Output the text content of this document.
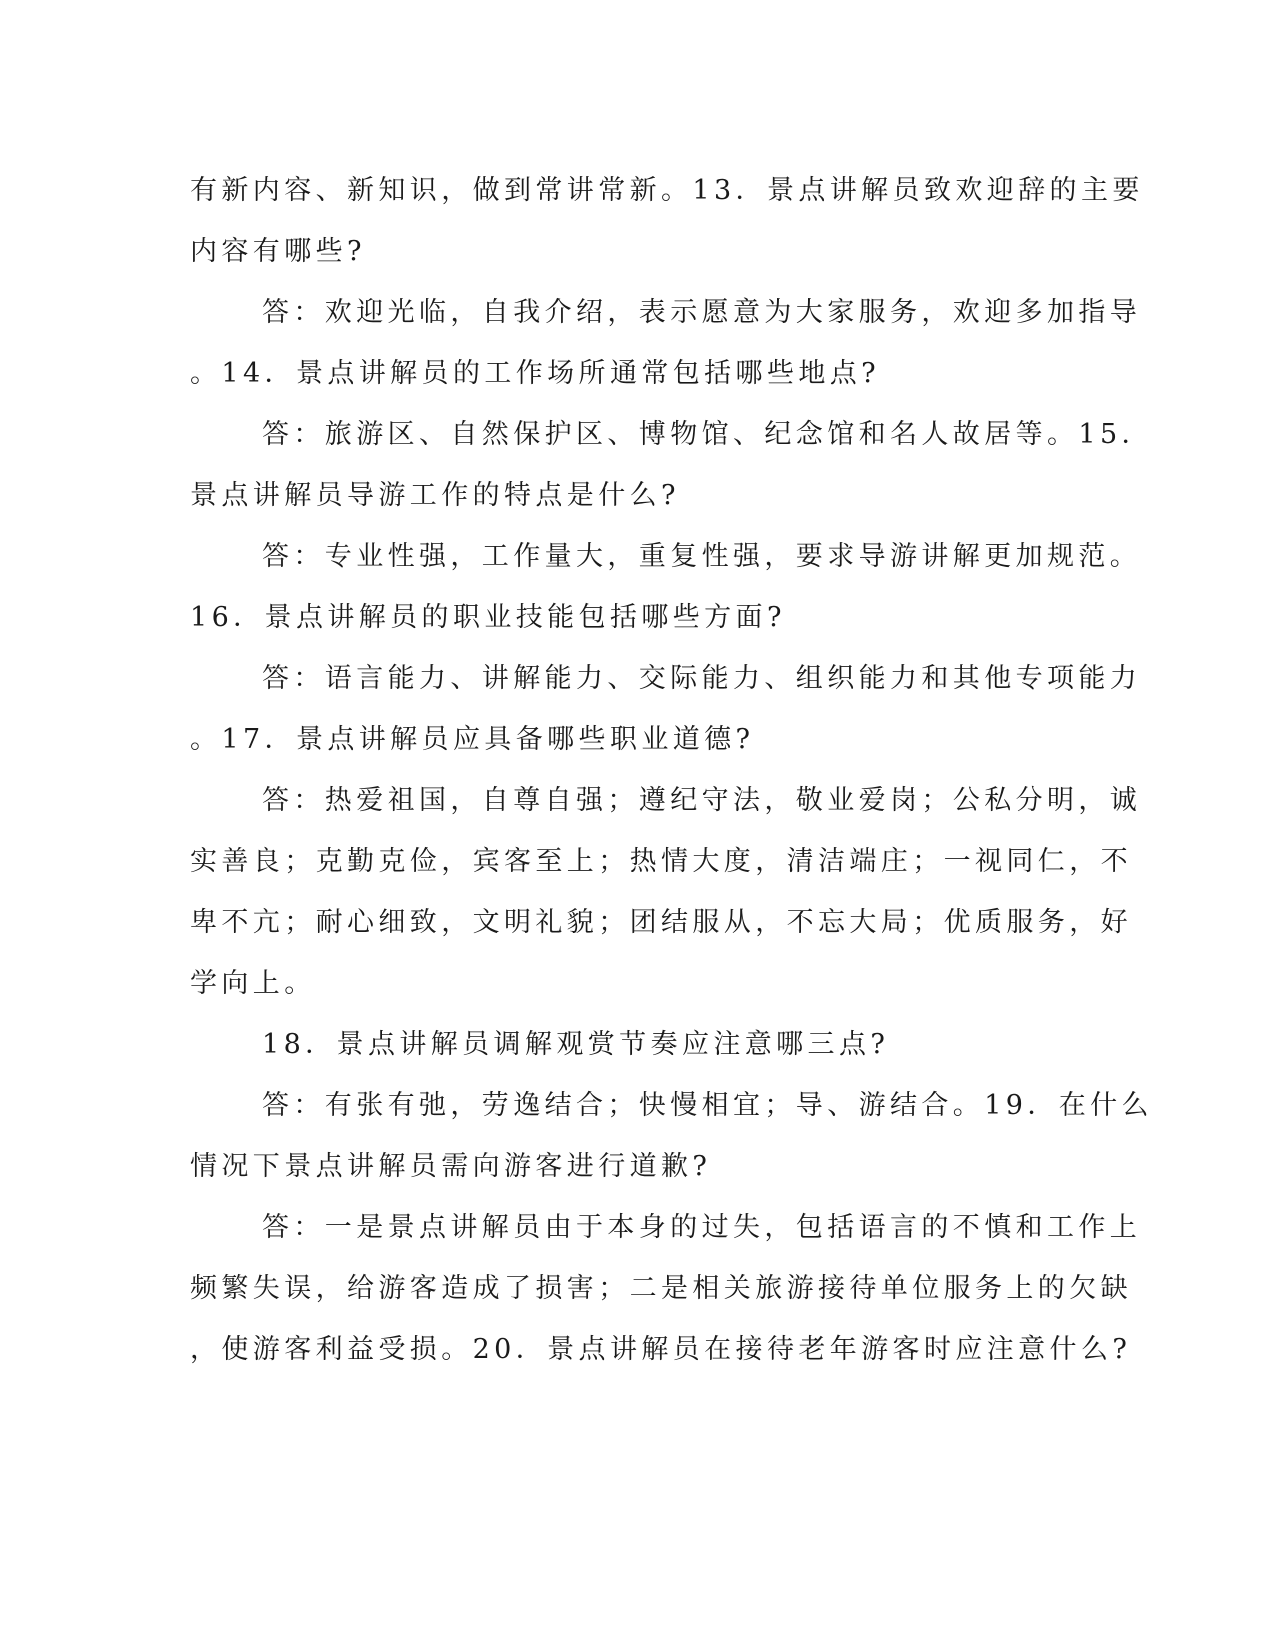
有新内容、新知识，做到常讲常新。13．景点讲解员致欢迎辞的主要
内容有哪些?
答：欢迎光临，自我介绍，表示愿意为大家服务，欢迎多加指导
。14．景点讲解员的工作场所通常包括哪些地点?
答：旅游区、自然保护区、博物馆、纪念馆和名人故居等。15．
景点讲解员导游工作的特点是什么?
答：专业性强，工作量大，重复性强，要求导游讲解更加规范。
16．景点讲解员的职业技能包括哪些方面?
答：语言能力、讲解能力、交际能力、组织能力和其他专项能力
。17．景点讲解员应具备哪些职业道德?
答：热爱祖国，自尊自强；遵纪守法，敬业爱岗；公私分明，诚
实善良；克勤克俭，宾客至上；热情大度，清洁端庄；一视同仁，不
卑不亢；耐心细致，文明礼貌；团结服从，不忘大局；优质服务，好
学向上。
18．景点讲解员调解观赏节奏应注意哪三点?
答：有张有弛，劳逸结合；快慢相宜；导、游结合。19．在什么
情况下景点讲解员需向游客进行道歉?
答：一是景点讲解员由于本身的过失，包括语言的不慎和工作上
频繁失误，给游客造成了损害；二是相关旅游接待单位服务上的欠缺
，使游客利益受损。20．景点讲解员在接待老年游客时应注意什么?
